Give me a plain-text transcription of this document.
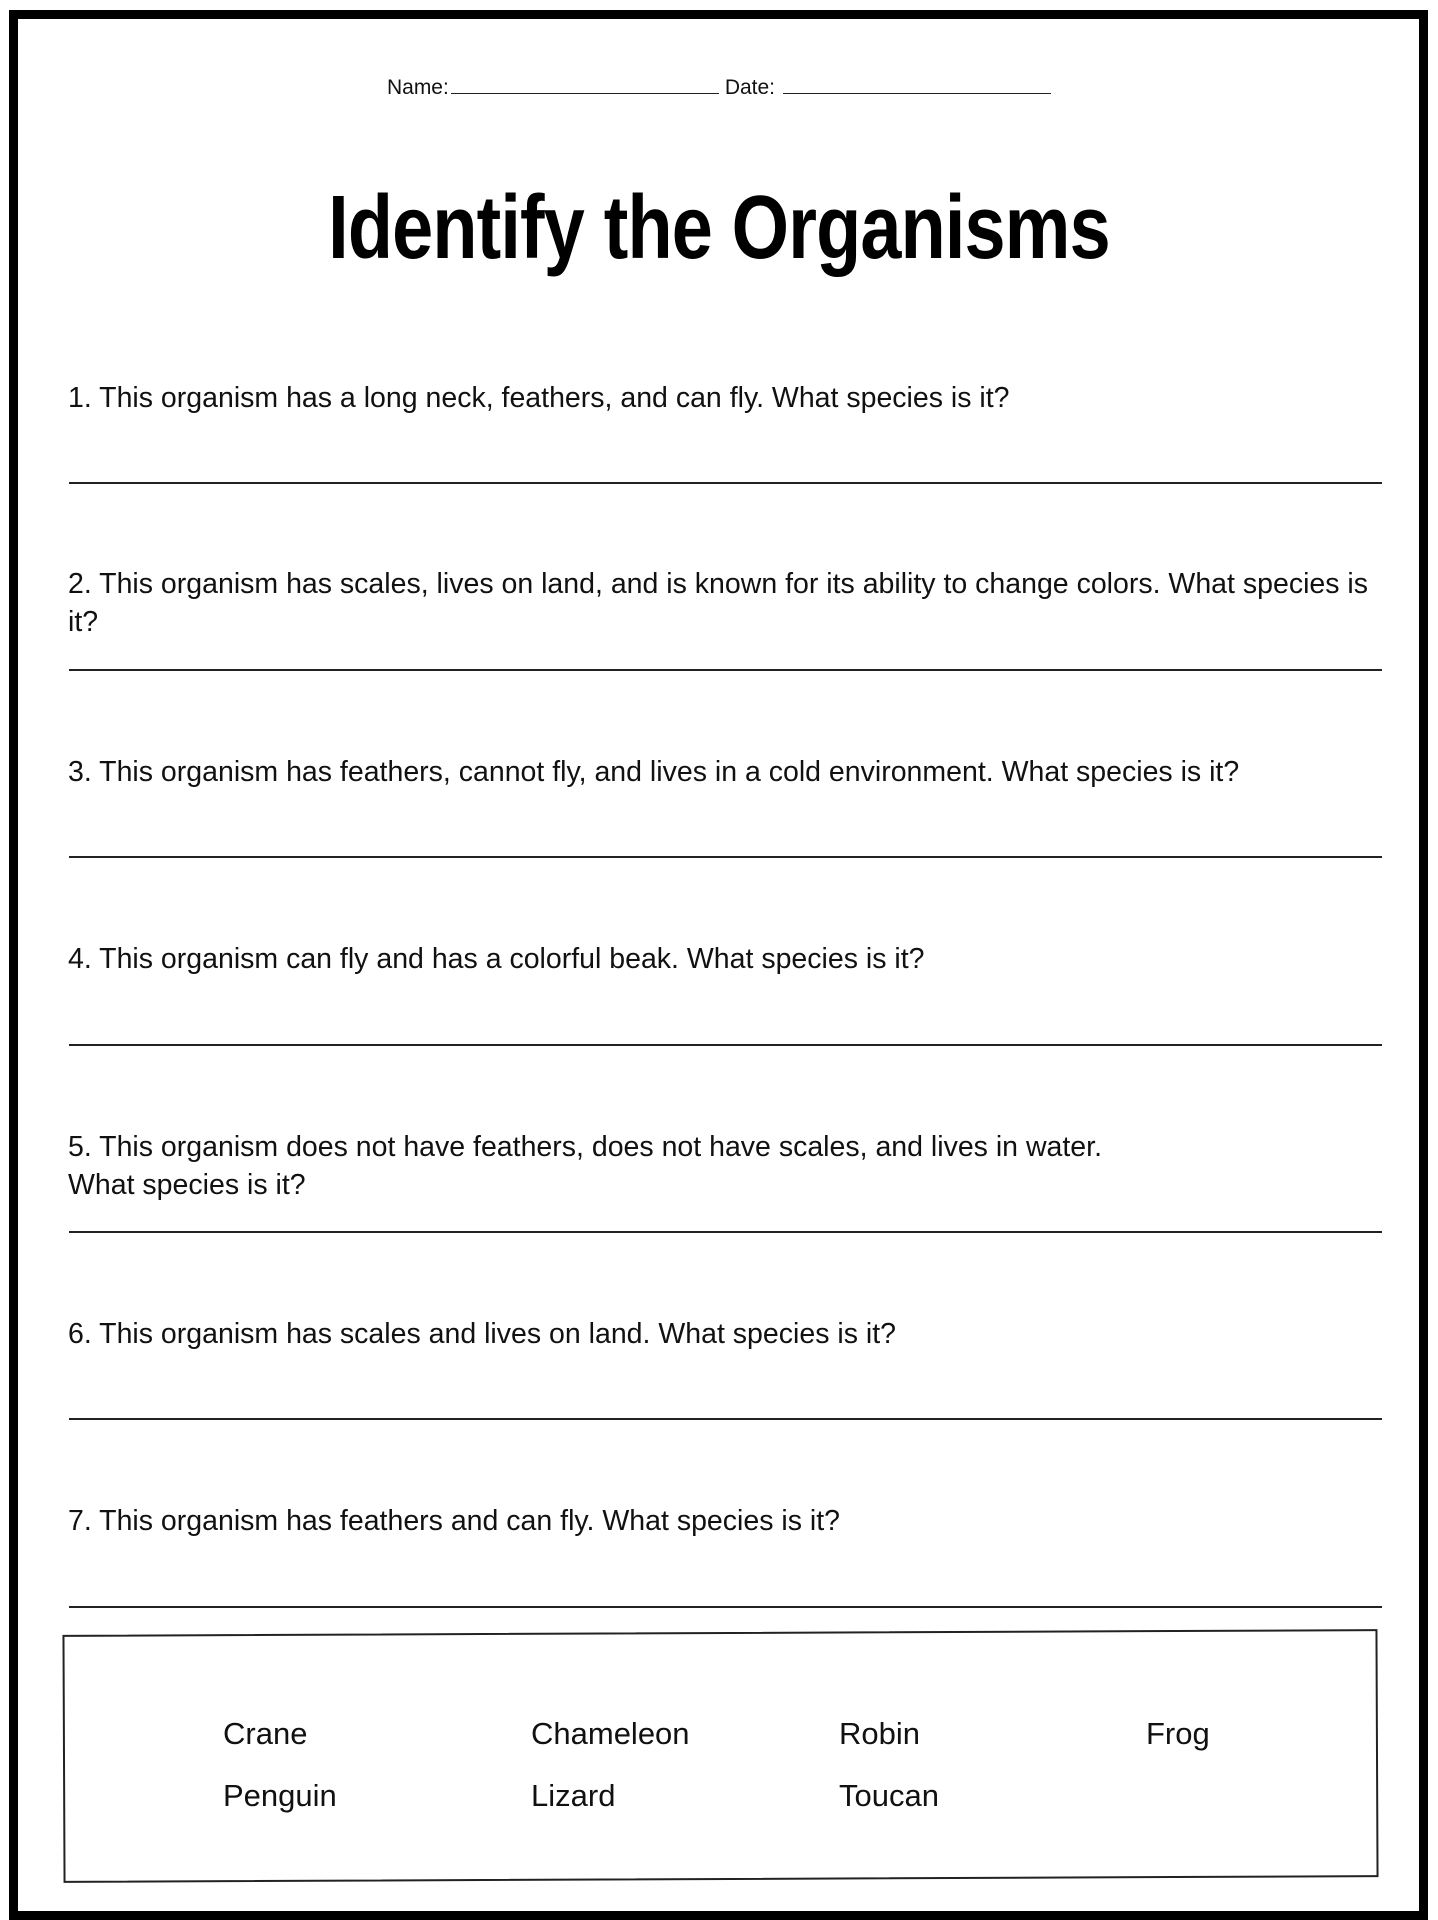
Name:	Date:
Identify the Organisms
1. This organism has a long neck, feathers, and can fly. What species is it?
2. This organism has scales, lives on land, and is known for its ability to change colors. What species is it?
3. This organism has feathers, cannot fly, and lives in a cold environment. What species is it?
4. This organism can fly and has a colorful beak. What species is it?
5. This organism does not have feathers, does not have scales, and lives in water.
What species is it?
6. This organism has scales and lives on land. What species is it?
7. This organism has feathers and can fly. What species is it?
Crane	Chameleon	Robin	Frog
Penguin	Lizard	Toucan
